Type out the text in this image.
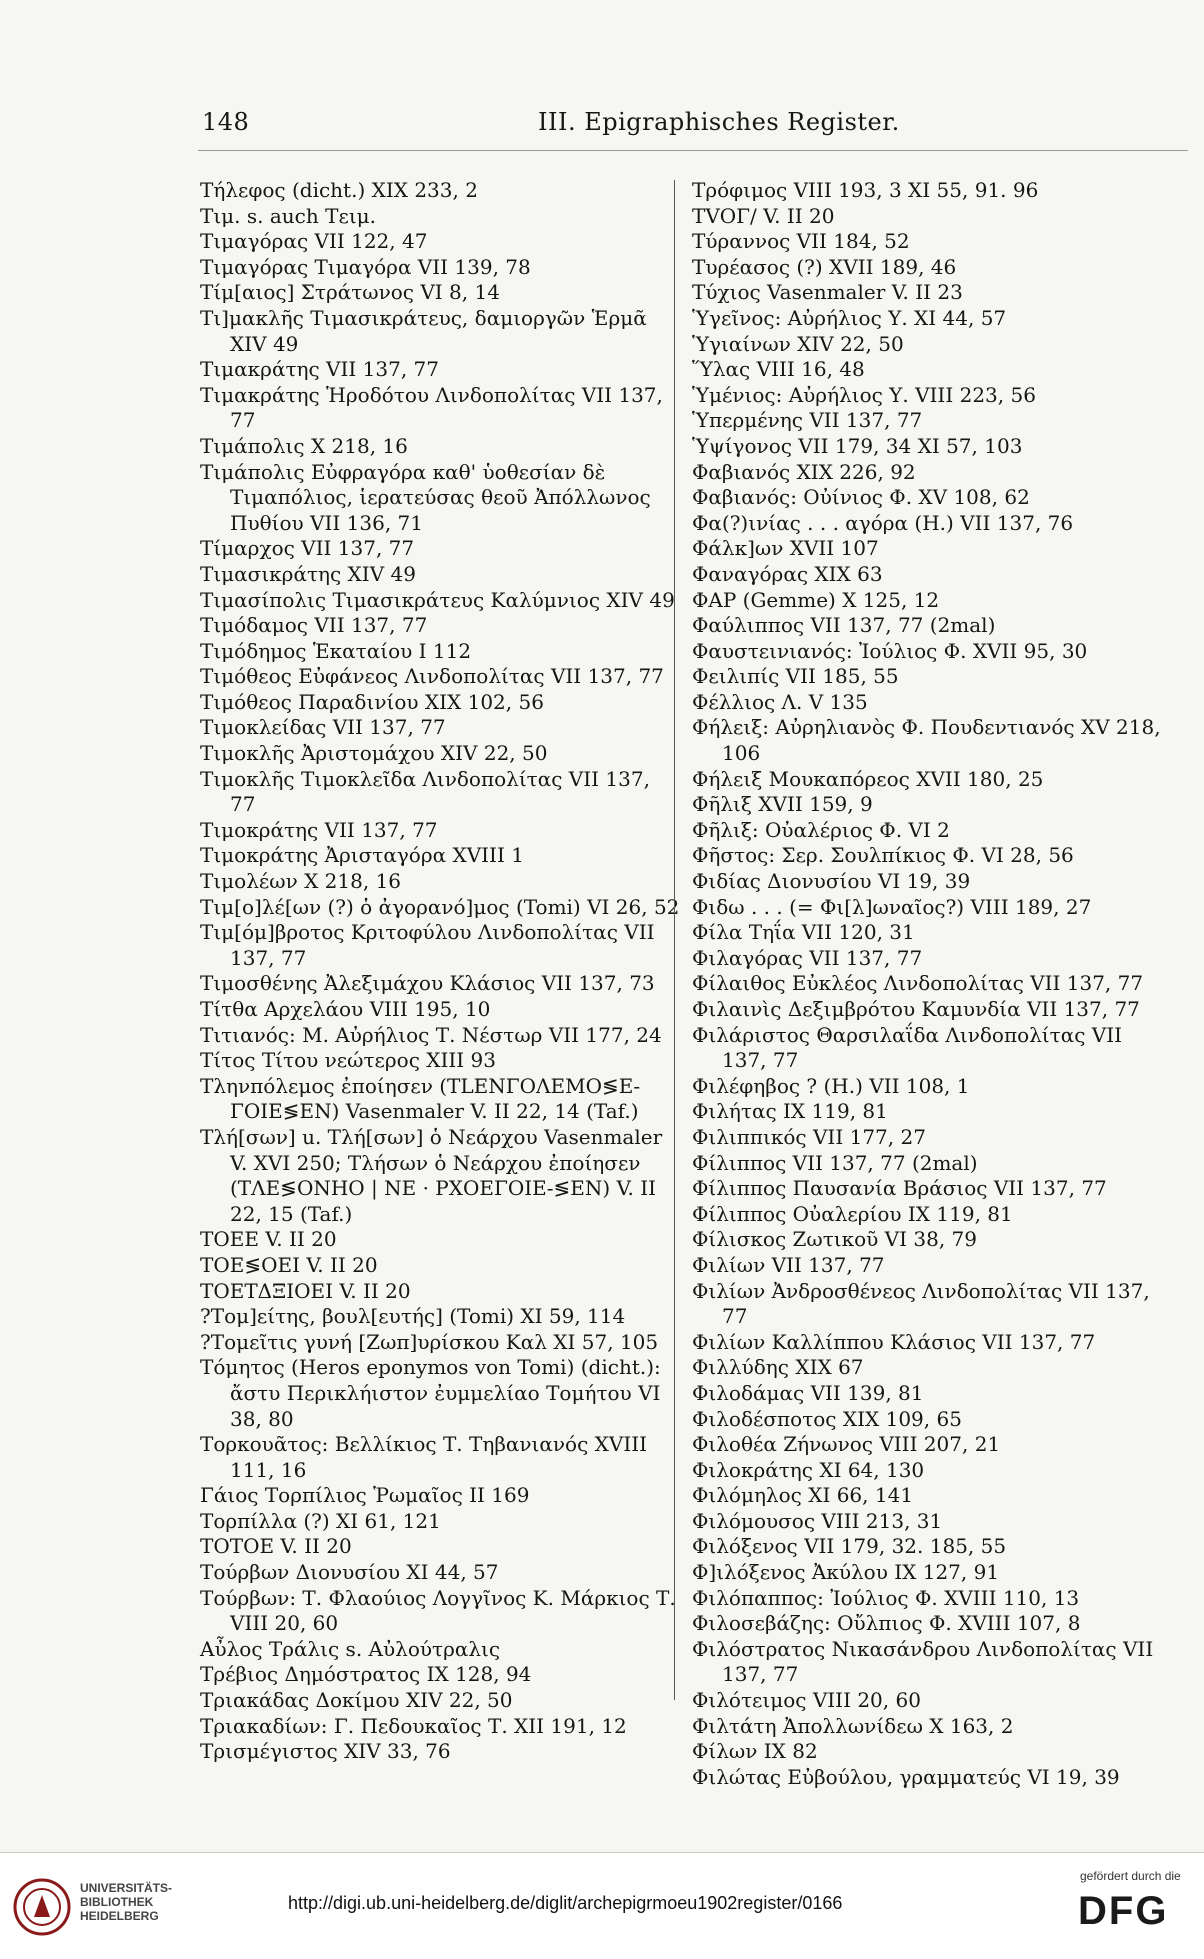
148	III. Epigraphisches Register.
Τήλεφος (dicht.) XIX 233, 2
Τιμ. s. auch Τειμ.
Τιμαγόρας VII 122, 47
Τιμαγόρας Τιμαγόρα VII 139, 78
Τίμ[αιος] Στράτωνος VI 8, 14
Τι]μακλῆς Τιμασικράτευς, δαμιοργῶν Ἑρμᾶ XIV 49
Τιμακράτης VII 137, 77
Τιμακράτης Ἡροδότου Λινδοπολίτας VII 137, 77
Τιμάπολις X 218, 16
Τιμάπολις Εὐφραγόρα καθ' ὑοθεσίαν δὲ Τιμαπόλιος, ἱερατεύσας θεοῦ Ἀπόλλωνος Πυθίου VII 136, 71
Τίμαρχος VII 137, 77
Τιμασικράτης XIV 49
Τιμασίπολις Τιμασικράτευς Καλύμνιος XIV 49
Τιμόδαμος VII 137, 77
Τιμόδημος Ἑκαταίου I 112
Τιμόθεος Εὐφάνεος Λινδοπολίτας VII 137, 77
Τιμόθεος Παραδινίου XIX 102, 56
Τιμοκλείδας VII 137, 77
Τιμοκλῆς Ἀριστομάχου XIV 22, 50
Τιμοκλῆς Τιμοκλεῖδα Λινδοπολίτας VII 137, 77
Τιμοκράτης VII 137, 77
Τιμοκράτης Ἀρισταγόρα XVIII 1
Τιμολέων X 218, 16
Τιμ[ο]λέ[ων (?) ὁ ἀγορανό]μος (Tomi) VI 26, 52
Τιμ[όμ]βροτος Κριτοφύλου Λινδοπολίτας VII 137, 77
Τιμοσθένης Ἀλεξιμάχου Κλάσιος VII 137, 73
Τίτθα Αρχελάου VIII 195, 10
Τιτιανός: M. Αὐρήλιος Τ. Νέστωρ VII 177, 24
Τίτος Τίτου νεώτερος XIII 93
Τληνπόλεμος ἐποίησεν (ΤLΕΝΓΟΛΕΜΟ≶Ε-ΓΟΙΕ≶ΕΝ) Vasenmaler V. II 22, 14 (Taf.)
Τλή[σων] u. Τλή[σων] ὁ Νεάρχου Vasenmaler V. XVI 250; Τλήσων ὁ Νεάρχου ἐποίησεν (ΤΛΕ≶ΟΝΗΟ | ΝΕ · ΡΧΟΕΓΟΙΕ-≶ΕΝ) V. II 22, 15 (Taf.)
ΤΟΕΕ V. II 20
ΤΟΕ≶ΟΕΙ V. II 20
ΤΟΕΤΔΞΙΟΕΙ V. II 20
?Τομ]είτης, βουλ[ευτής] (Tomi) XI 59, 114
?Τομεῖτις γυνή [Ζωπ]υρίσκου Καλ XI 57, 105
Τόμητος (Heros eponymos von Tomi) (dicht.): ἄστυ Περικλήιστον ἐυμμελίαο Τομήτου VI 38, 80
Τορκουᾶτος: Βελλίκιος Τ. Τηβανιανός XVIII 111, 16
Γάιος Τορπίλιος Ῥωμαῖος II 169
Τορπίλλα (?) XI 61, 121
ΤΟΤΟΕ V. II 20
Τούρβων Διονυσίου XI 44, 57
Τούρβων: Τ. Φλαούιος Λογγῖνος Κ. Μάρκιος Τ. VIII 20, 60
Αὖλος Τράλις s. Αὐλούτραλις
Τρέβιος Δημόστρατος IX 128, 94
Τριακάδας Δοκίμου XIV 22, 50
Τριακαδίων: Γ. Πεδουκαῖος Τ. XII 191, 12
Τρισμέγιστος XIV 33, 76
Τρόφιμος VIII 193, 3 XI 55, 91. 96
ΤVΟΓ/ V. II 20
Τύραννος VII 184, 52
Τυρέασος (?) XVII 189, 46
Τύχιος Vasenmaler V. II 23
Ὑγεῖνος: Αὐρήλιος Υ. XI 44, 57
Ὑγιαίνων XIV 22, 50
Ὕλας VIII 16, 48
Ὑμένιος: Αὐρήλιος Υ. VIII 223, 56
Ὑπερμένης VII 137, 77
Ὑψίγονος VII 179, 34 XI 57, 103
Φαβιανός XIX 226, 92
Φαβιανός: Οὐίνιος Φ. XV 108, 62
Φα(?)ινίας . . . αγόρα (H.) VII 137, 76
Φάλκ]ων XVII 107
Φαναγόρας XIX 63
ΦΑΡ (Gemme) X 125, 12
Φαύλιππος VII 137, 77 (2mal)
Φαυστεινιανός: Ἰούλιος Φ. XVII 95, 30
Φειλιπίς VII 185, 55
Φέλλιος Λ. V 135
Φήλειξ: Αὐρηλιανὸς Φ. Πουδεντιανός XV 218, 106
Φήλειξ Μουκαπόρεος XVII 180, 25
Φῆλιξ XVII 159, 9
Φῆλιξ: Οὐαλέριος Φ. VI 2
Φῆστος: Σερ. Σουλπίκιος Φ. VI 28, 56
Φιδίας Διονυσίου VI 19, 39
Φιδω . . . (= Φι[λ]ωναῖος?) VIII 189, 27
Φίλα Τηΐα VII 120, 31
Φιλαγόρας VII 137, 77
Φίλαιθος Εὐκλέος Λινδοπολίτας VII 137, 77
Φιλαινὶς Δεξιμβρότου Καμυνδία VII 137, 77
Φιλάριστος Θαρσιλαΐδα Λινδοπολίτας VII 137, 77
Φιλέφηβος ? (H.) VII 108, 1
Φιλήτας IX 119, 81
Φιλιππικός VII 177, 27
Φίλιππος VII 137, 77 (2mal)
Φίλιππος Παυσανία Βράσιος VII 137, 77
Φίλιππος Οὐαλερίου IX 119, 81
Φίλισκος Ζωτικοῦ VI 38, 79
Φιλίων VII 137, 77
Φιλίων Ἀνδροσθένεος Λινδοπολίτας VII 137, 77
Φιλίων Καλλίππου Κλάσιος VII 137, 77
Φιλλύδης XIX 67
Φιλοδάμας VII 139, 81
Φιλοδέσποτος XIX 109, 65
Φιλοθέα Ζήνωνος VIII 207, 21
Φιλοκράτης XI 64, 130
Φιλόμηλος XI 66, 141
Φιλόμουσος VIII 213, 31
Φιλόξενος VII 179, 32. 185, 55
Φ]ιλόξενος Ἀκύλου IX 127, 91
Φιλόπαππος: Ἰούλιος Φ. XVIII 110, 13
Φιλοσεβάζης: Οὔλπιος Φ. XVIII 107, 8
Φιλόστρατος Νικασάνδρου Λινδοπολίτας VII 137, 77
Φιλότειμος VIII 20, 60
Φιλτάτη Ἀπολλωνίδεω X 163, 2
Φίλων IX 82
Φιλώτας Εὐβούλου, γραμματεύς VI 19, 39
UNIVERSITÄTS-
BIBLIOTHEK
HEIDELBERG
http://digi.ub.uni-heidelberg.de/diglit/archepigrmoeu1902register/0166
gefördert durch die
DFG
